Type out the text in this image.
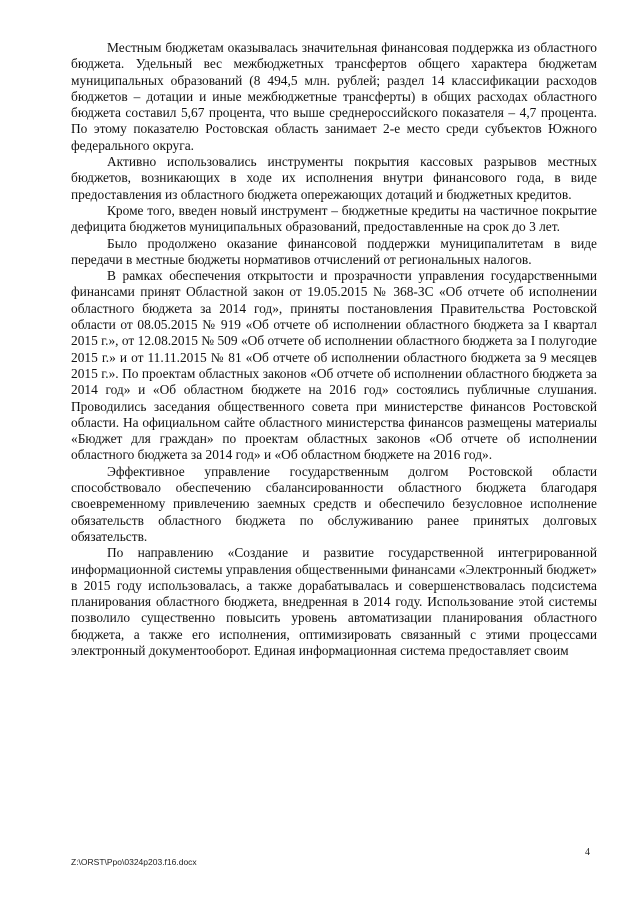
Местным бюджетам оказывалась значительная финансовая поддержка из областного бюджета. Удельный вес межбюджетных трансфертов общего характера бюджетам муниципальных образований (8 494,5 млн. рублей; раздел 14 классификации расходов бюджетов – дотации и иные межбюджетные трансферты) в общих расходах областного бюджета составил 5,67 процента, что выше среднероссийского показателя – 4,7 процента. По этому показателю Ростовская область занимает 2-е место среди субъектов Южного федерального округа.

Активно использовались инструменты покрытия кассовых разрывов местных бюджетов, возникающих в ходе их исполнения внутри финансового года, в виде предоставления из областного бюджета опережающих дотаций и бюджетных кредитов.

Кроме того, введен новый инструмент – бюджетные кредиты на частичное покрытие дефицита бюджетов муниципальных образований, предоставленные на срок до 3 лет.

Было продолжено оказание финансовой поддержки муниципалитетам в виде передачи в местные бюджеты нормативов отчислений от региональных налогов.

В рамках обеспечения открытости и прозрачности управления государственными финансами принят Областной закон от 19.05.2015 № 368-ЗС «Об отчете об исполнении областного бюджета за 2014 год», приняты постановления Правительства Ростовской области от 08.05.2015 № 919 «Об отчете об исполнении областного бюджета за I квартал 2015 г.», от 12.08.2015 № 509 «Об отчете об исполнении областного бюджета за I полугодие 2015 г.» и от 11.11.2015 № 81 «Об отчете об исполнении областного бюджета за 9 месяцев 2015 г.». По проектам областных законов «Об отчете об исполнении областного бюджета за 2014 год» и «Об областном бюджете на 2016 год» состоялись публичные слушания. Проводились заседания общественного совета при министерстве финансов Ростовской области. На официальном сайте областного министерства финансов размещены материалы «Бюджет для граждан» по проектам областных законов «Об отчете об исполнении областного бюджета за 2014 год» и «Об областном бюджете на 2016 год».

Эффективное управление государственным долгом Ростовской области способствовало обеспечению сбалансированности областного бюджета благодаря своевременному привлечению заемных средств и обеспечило безусловное исполнение обязательств областного бюджета по обслуживанию ранее принятых долговых обязательств.

По направлению «Создание и развитие государственной интегрированной информационной системы управления общественными финансами «Электронный бюджет» в 2015 году использовалась, а также дорабатывалась и совершенствовалась подсистема планирования областного бюджета, внедренная в 2014 году. Использование этой системы позволило существенно повысить уровень автоматизации планирования областного бюджета, а также его исполнения, оптимизировать связанный с этими процессами электронный документооборот. Единая информационная система предоставляет своим

4
Z:\ORST\Ppo\0324p203.f16.docx
